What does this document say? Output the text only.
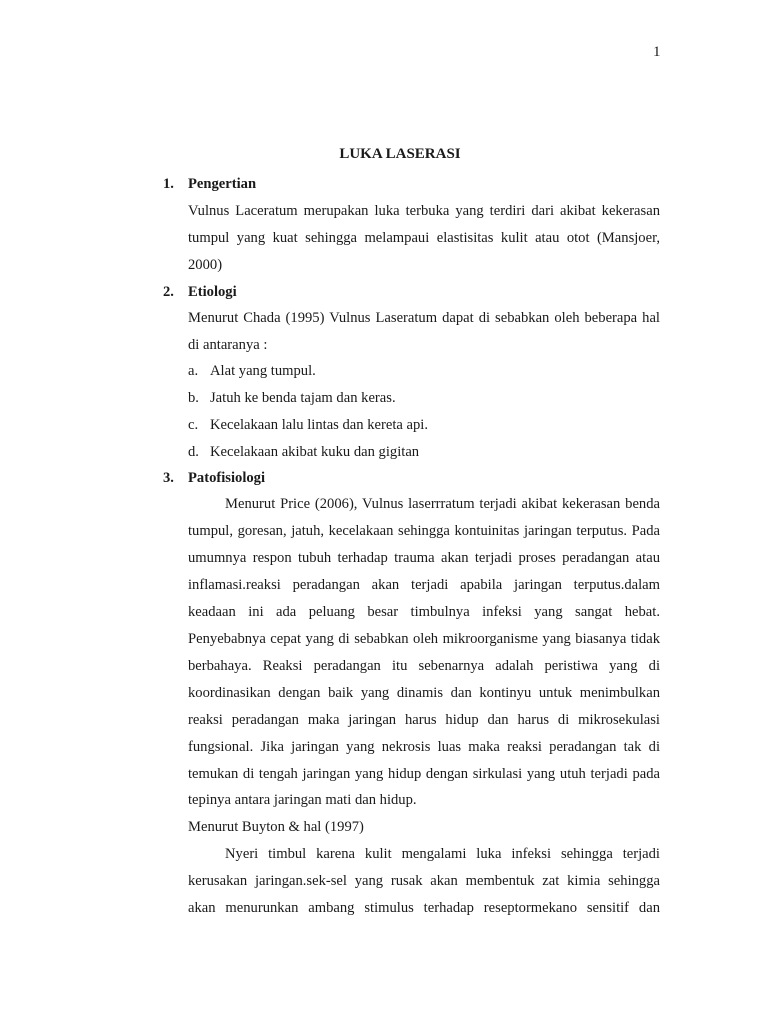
1
LUKA LASERASI
1. Pengertian
Vulnus Laceratum merupakan luka terbuka yang terdiri dari akibat kekerasan
tumpul yang kuat sehingga melampaui elastisitas kulit atau otot (Mansjoer,
2000)
2. Etiologi
Menurut Chada (1995) Vulnus Laseratum dapat di sebabkan oleh beberapa hal
di antaranya :
a. Alat yang tumpul.
b. Jatuh ke benda tajam dan keras.
c. Kecelakaan lalu lintas dan kereta api.
d. Kecelakaan akibat kuku dan gigitan
3. Patofisiologi
Menurut Price (2006), Vulnus laserrratum terjadi akibat kekerasan benda
tumpul, goresan, jatuh, kecelakaan sehingga kontuinitas jaringan terputus. Pada
umumnya respon tubuh terhadap trauma akan terjadi proses peradangan atau
inflamasi.reaksi peradangan akan terjadi apabila jaringan terputus.dalam
keadaan ini ada peluang besar timbulnya infeksi yang sangat hebat.
Penyebabnya cepat yang di sebabkan oleh mikroorganisme yang biasanya tidak
berbahaya. Reaksi peradangan itu sebenarnya adalah peristiwa yang di
koordinasikan dengan baik yang dinamis dan kontinyu untuk menimbulkan
reaksi peradangan maka jaringan harus hidup dan harus di mikrosekulasi
fungsional. Jika jaringan yang nekrosis luas maka reaksi peradangan tak di
temukan di tengah jaringan yang hidup dengan sirkulasi yang utuh terjadi pada
tepinya antara jaringan mati dan hidup.
Menurut Buyton & hal (1997)
Nyeri timbul karena kulit mengalami luka infeksi sehingga terjadi
kerusakan jaringan.sek-sel yang rusak akan membentuk zat kimia sehingga
akan menurunkan ambang stimulus terhadap reseptormekano sensitif dan
